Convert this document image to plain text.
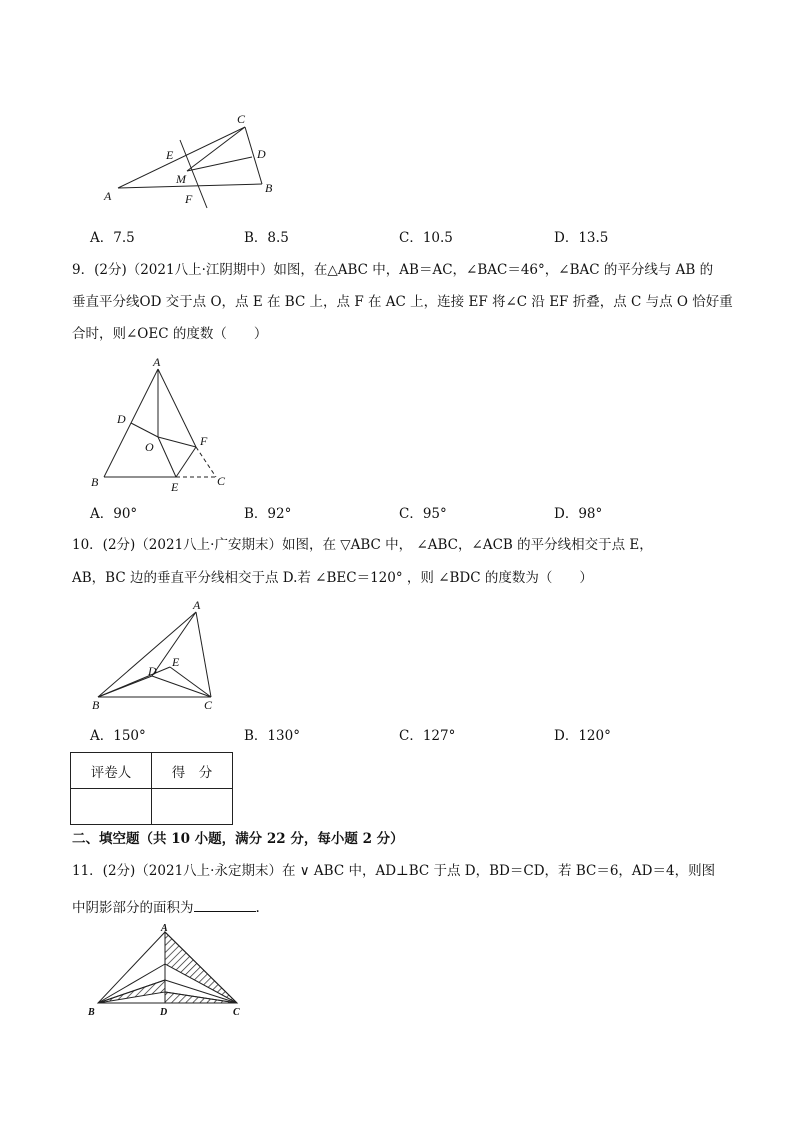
C
E	D
M
A
B
F
A．7.5	B．8.5	C．10.5	D．13.5
9．(2分)（2021八上·江阴期中）如图，在△ABC 中，AB＝AC，∠BAC＝46°，∠BAC 的平分线与 AB 的
垂直平分线OD 交于点 O，点 E 在 BC 上，点 F 在 AC 上，连接 EF 将∠C 沿 EF 折叠，点 C 与点 O 恰好重
合时，则∠OEC 的度数（　　）
A
D
O	F
B	E	C
A．90°	B．92°	C．95°	D．98°
10．(2分)（2021八上·广安期末）如图，在 ▽ABC 中， ∠ABC，∠ACB 的平分线相交于点 E，
AB，BC 边的垂直平分线相交于点 D.若 ∠BEC＝120° ，则 ∠BDC 的度数为（　　）
A
E
D
B	C
A．150°	B．130°	C．127°	D．120°
评卷人	得　分

二、填空题（共 10 小题，满分 22 分，每小题 2 分）
11．(2分)（2021八上·永定期末）在 ∨ ABC 中，AD⊥BC 于点 D，BD＝CD，若 BC＝6，AD＝4，则图
中阴影部分的面积为	.
A
B	D	C
